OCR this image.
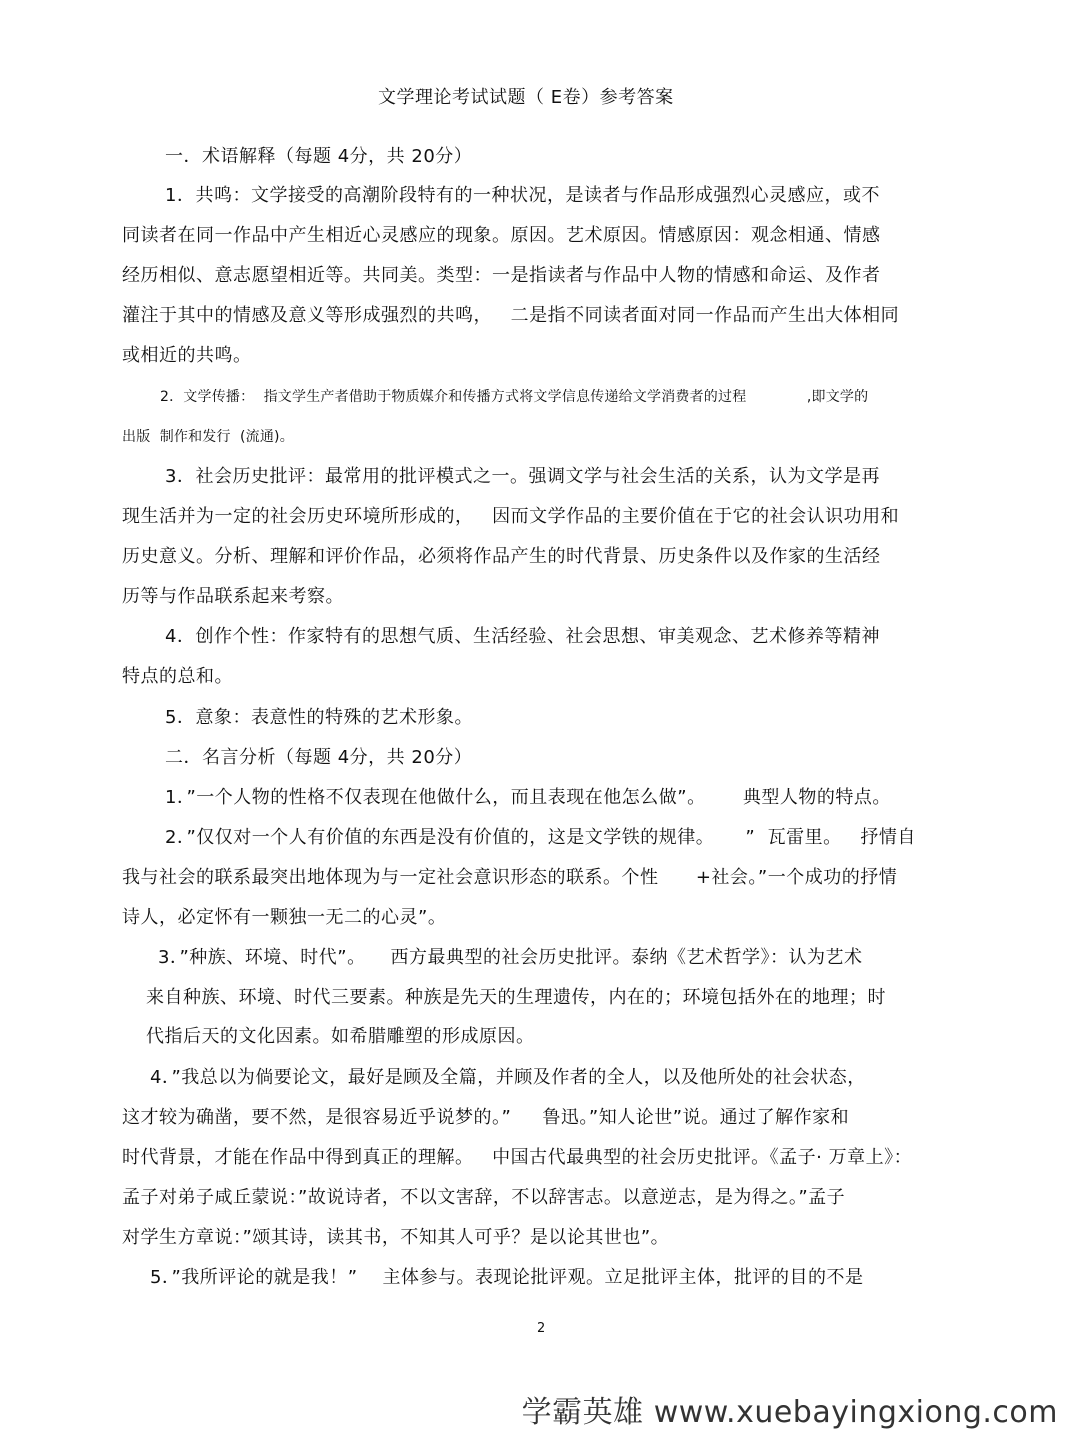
文学理论考试试题（ E卷）参考答案
一．术语解释（每题 4分，共 20分）
1．共鸣：文学接受的高潮阶段特有的一种状况，是读者与作品形成强烈心灵感应，或不
同读者在同一作品中产生相近心灵感应的现象。原因。艺术原因。情感原因：观念相通、情感
经历相似、意志愿望相近等。共同美。类型：一是指读者与作品中人物的情感和命运、及作者
灌注于其中的情感及意义等形成强烈的共鸣，   二是指不同读者面对同一作品而产生出大体相同
或相近的共鸣。
2．文学传播：  指文学生产者借助于物质媒介和传播方式将文学信息传递给文学消费者的过程             ,即文学的
出版  制作和发行  (流通)。
3．社会历史批评：最常用的批评模式之一。强调文学与社会生活的关系，认为文学是再
现生活并为一定的社会历史环境所形成的，   因而文学作品的主要价值在于它的社会认识功用和
历史意义。分析、理解和评价作品，必须将作品产生的时代背景、历史条件以及作家的生活经
历等与作品联系起来考察。
4．创作个性：作家特有的思想气质、生活经验、社会思想、审美观念、艺术修养等精神
特点的总和。
5．意象：表意性的特殊的艺术形象。
二．名言分析（每题 4分，共 20分）
1．”一个人物的性格不仅表现在他做什么，而且表现在他怎么做”。      典型人物的特点。
2．”仅仅对一个人有价值的东西是没有价值的，这是文学铁的规律。     ”  瓦雷里。   抒情自
我与社会的联系最突出地体现为与一定社会意识形态的联系。个性      +社会。”一个成功的抒情
诗人，必定怀有一颗独一无二的心灵”。
3．”种族、环境、时代”。    西方最典型的社会历史批评。泰纳《艺术哲学》：认为艺术
来自种族、环境、时代三要素。种族是先天的生理遗传，内在的；环境包括外在的地理；时
代指后天的文化因素。如希腊雕塑的形成原因。
4．”我总以为倘要论文，最好是顾及全篇，并顾及作者的全人，以及他所处的社会状态，
这才较为确凿，要不然，是很容易近乎说梦的。”     鲁迅。”知人论世”说。通过了解作家和
时代背景，才能在作品中得到真正的理解。   中国古代最典型的社会历史批评。《孟子· 万章上》：
孟子对弟子咸丘蒙说：”故说诗者，不以文害辞，不以辞害志。以意逆志，是为得之。”孟子
对学生方章说：”颂其诗，读其书，不知其人可乎？是以论其世也”。
5．”我所评论的就是我！”    主体参与。表现论批评观。立足批评主体，批评的目的不是
2
学霸英雄 www.xuebayingxiong.com
